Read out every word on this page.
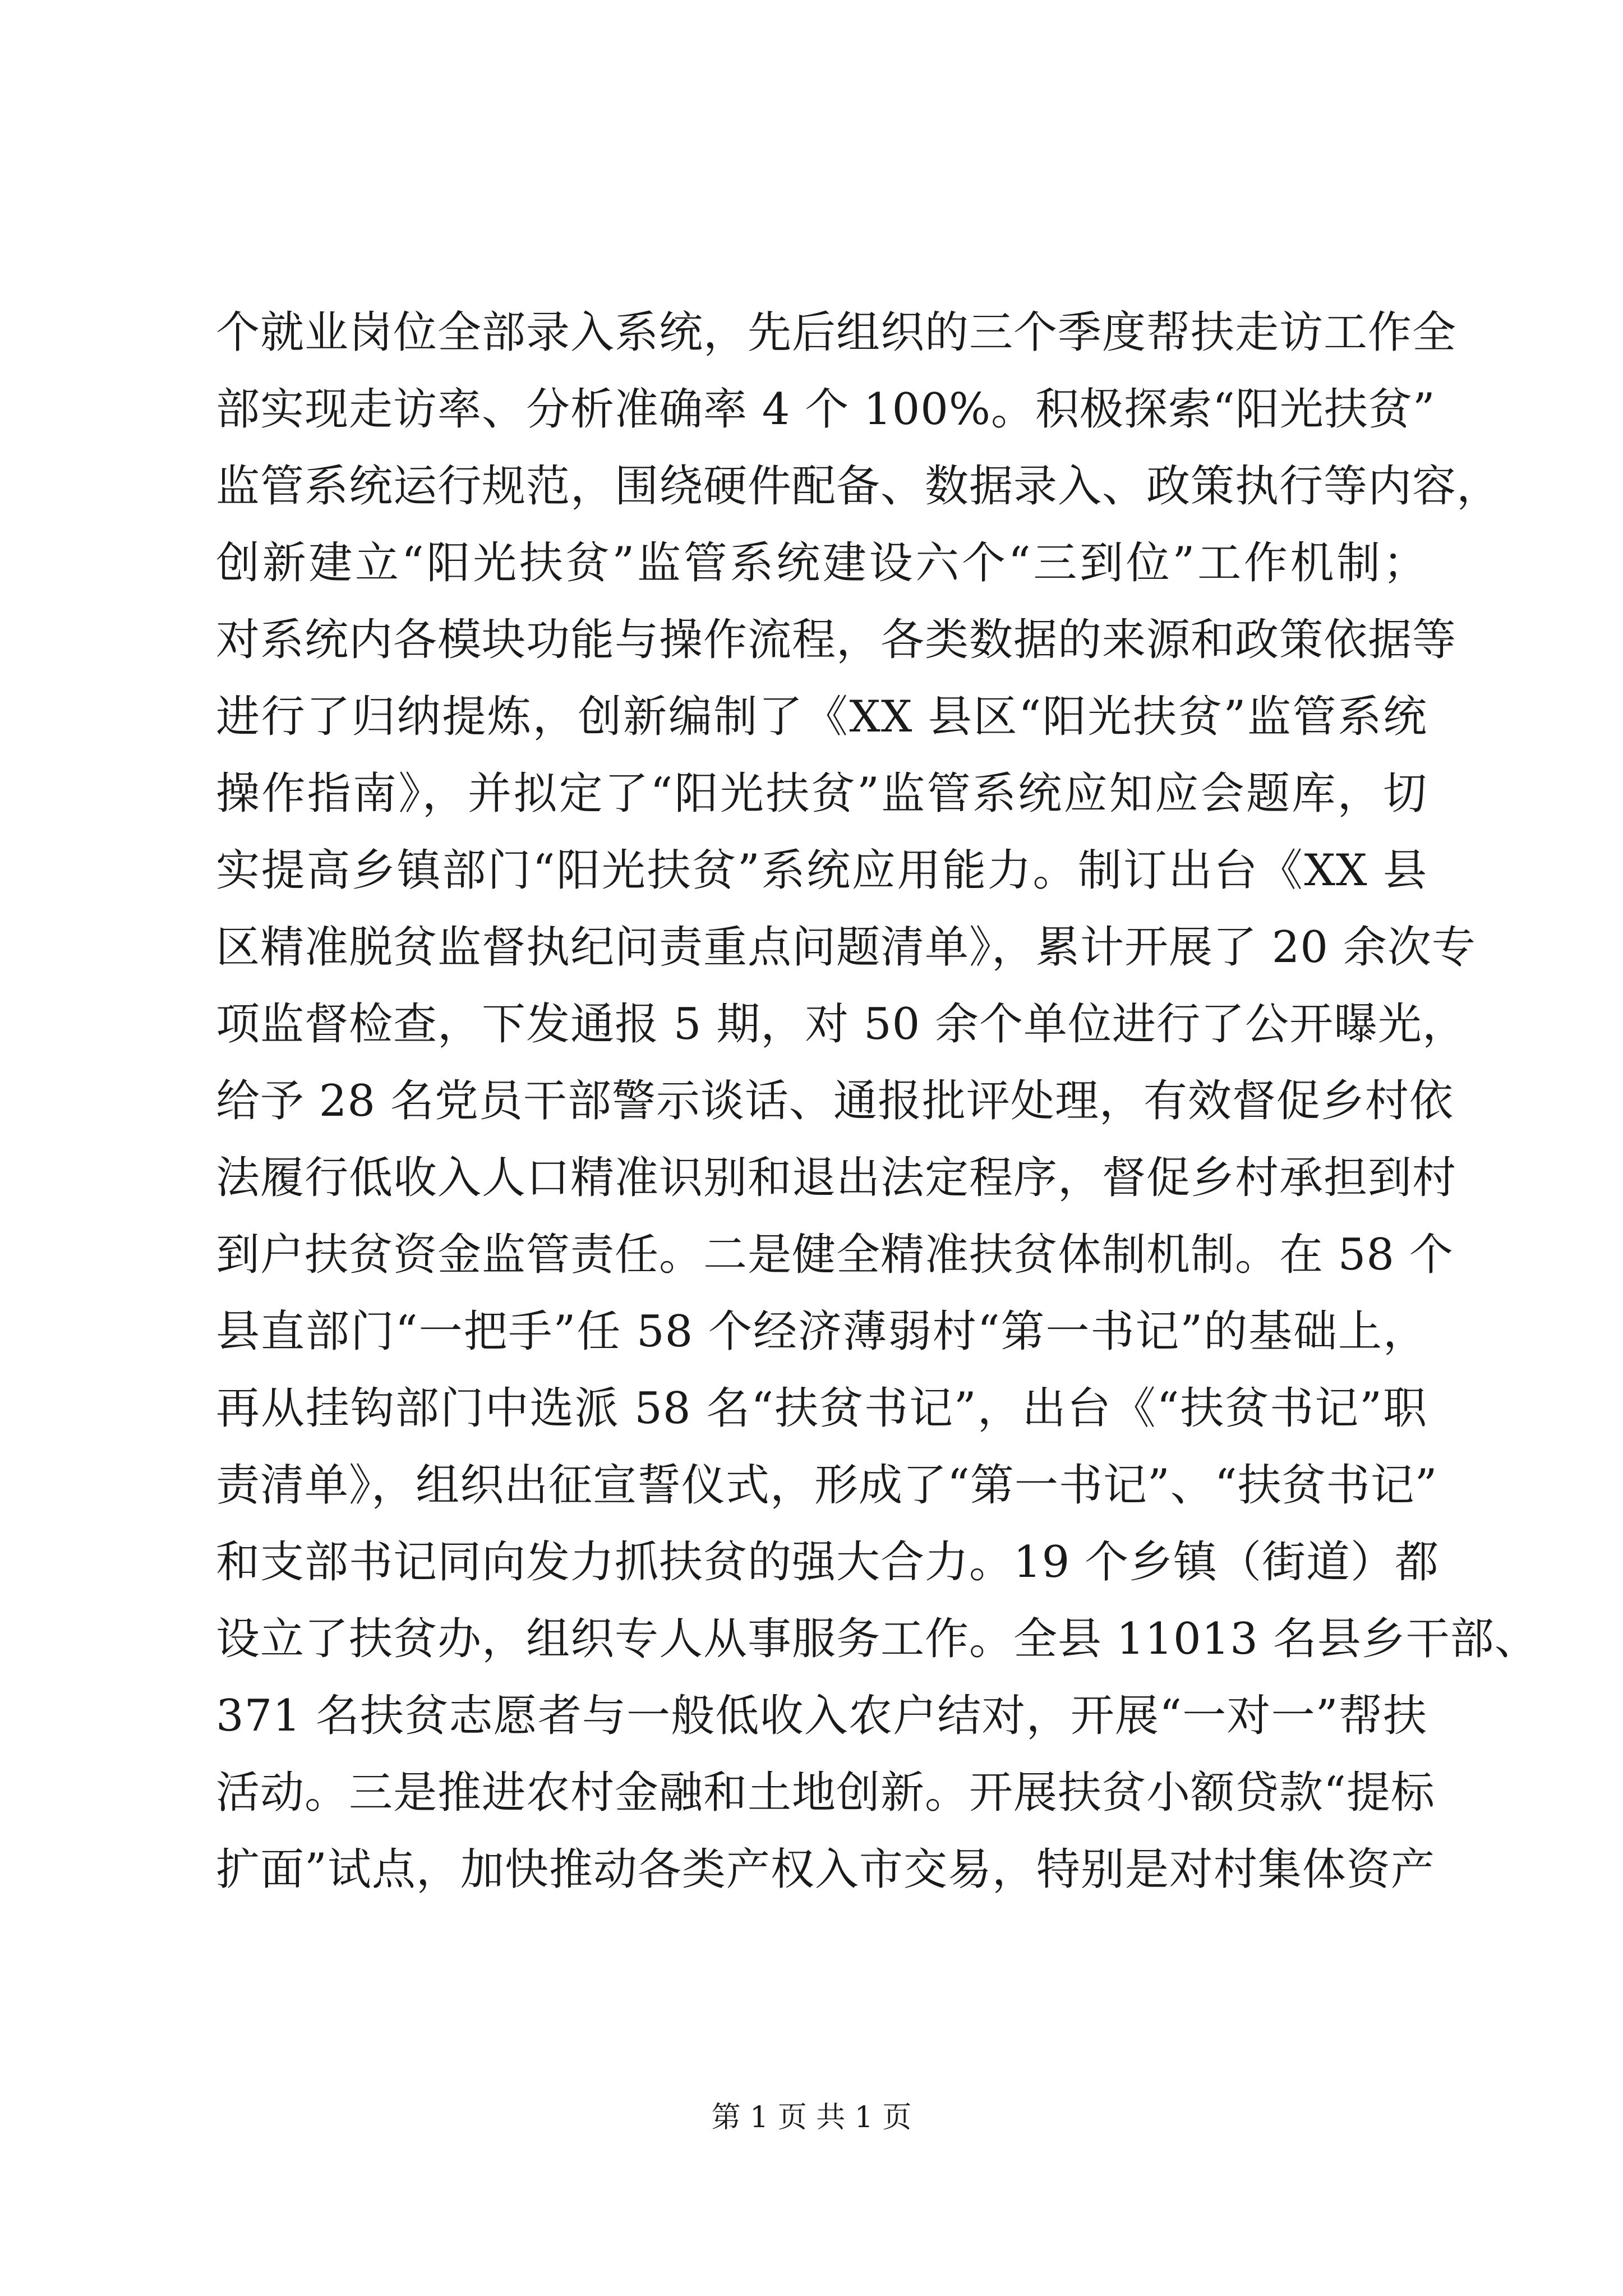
个就业岗位全部录入系统，先后组织的三个季度帮扶走访工作全
部实现走访率、分析准确率 4 个 100%。积极探索“阳光扶贫”
监管系统运行规范，围绕硬件配备、数据录入、政策执行等内容，
创新建立“阳光扶贫”监管系统建设六个“三到位”工作机制；
对系统内各模块功能与操作流程，各类数据的来源和政策依据等
进行了归纳提炼，创新编制了《XX 县区“阳光扶贫”监管系统
操作指南》，并拟定了“阳光扶贫”监管系统应知应会题库，切
实提高乡镇部门“阳光扶贫”系统应用能力。制订出台《XX 县
区精准脱贫监督执纪问责重点问题清单》，累计开展了 20 余次专
项监督检查，下发通报 5 期，对 50 余个单位进行了公开曝光，
给予 28 名党员干部警示谈话、通报批评处理，有效督促乡村依
法履行低收入人口精准识别和退出法定程序，督促乡村承担到村
到户扶贫资金监管责任。二是健全精准扶贫体制机制。在 58 个
县直部门“一把手”任 58 个经济薄弱村“第一书记”的基础上，
再从挂钩部门中选派 58 名“扶贫书记”，出台《“扶贫书记”职
责清单》，组织出征宣誓仪式，形成了“第一书记”、“扶贫书记”
和支部书记同向发力抓扶贫的强大合力。19 个乡镇（街道）都
设立了扶贫办，组织专人从事服务工作。全县 11013 名县乡干部、
371 名扶贫志愿者与一般低收入农户结对，开展“一对一”帮扶
活动。三是推进农村金融和土地创新。开展扶贫小额贷款“提标
扩面”试点，加快推动各类产权入市交易，特别是对村集体资产
第 1 页 共 1 页
